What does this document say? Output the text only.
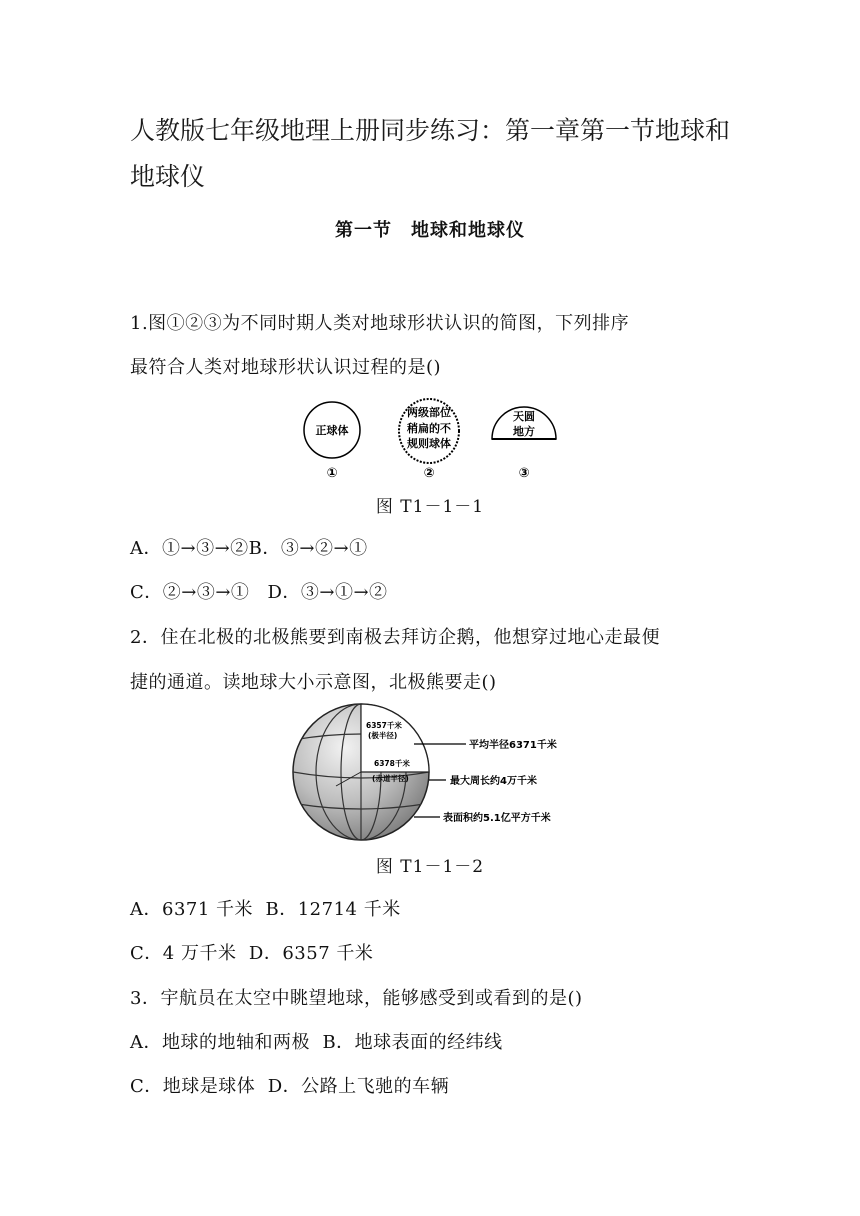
人教版七年级地理上册同步练习：第一章第一节地球和地球仪
第一节　地球和地球仪
1.图①②③为不同时期人类对地球形状认识的简图，下列排序
最符合人类对地球形状认识过程的是()
正球体
两级部位
稍扁的不
规则球体
天圆
地方
①	②	③
图 T1－1－1
A．①→③→②B．③→②→①
C．②→③→① D．③→①→②
2．住在北极的北极熊要到南极去拜访企鹅，他想穿过地心走最便
捷的通道。读地球大小示意图，北极熊要走()
6357千米
(极半径)
6378千米
(赤道半径)
平均半径6371千米
最大周长约4万千米
表面积约5.1亿平方千米
图 T1－1－2
A．6371 千米 B．12714 千米
C．4 万千米 D．6357 千米
3．宇航员在太空中眺望地球，能够感受到或看到的是()
A．地球的地轴和两极 B．地球表面的经纬线
C．地球是球体 D．公路上飞驰的车辆
